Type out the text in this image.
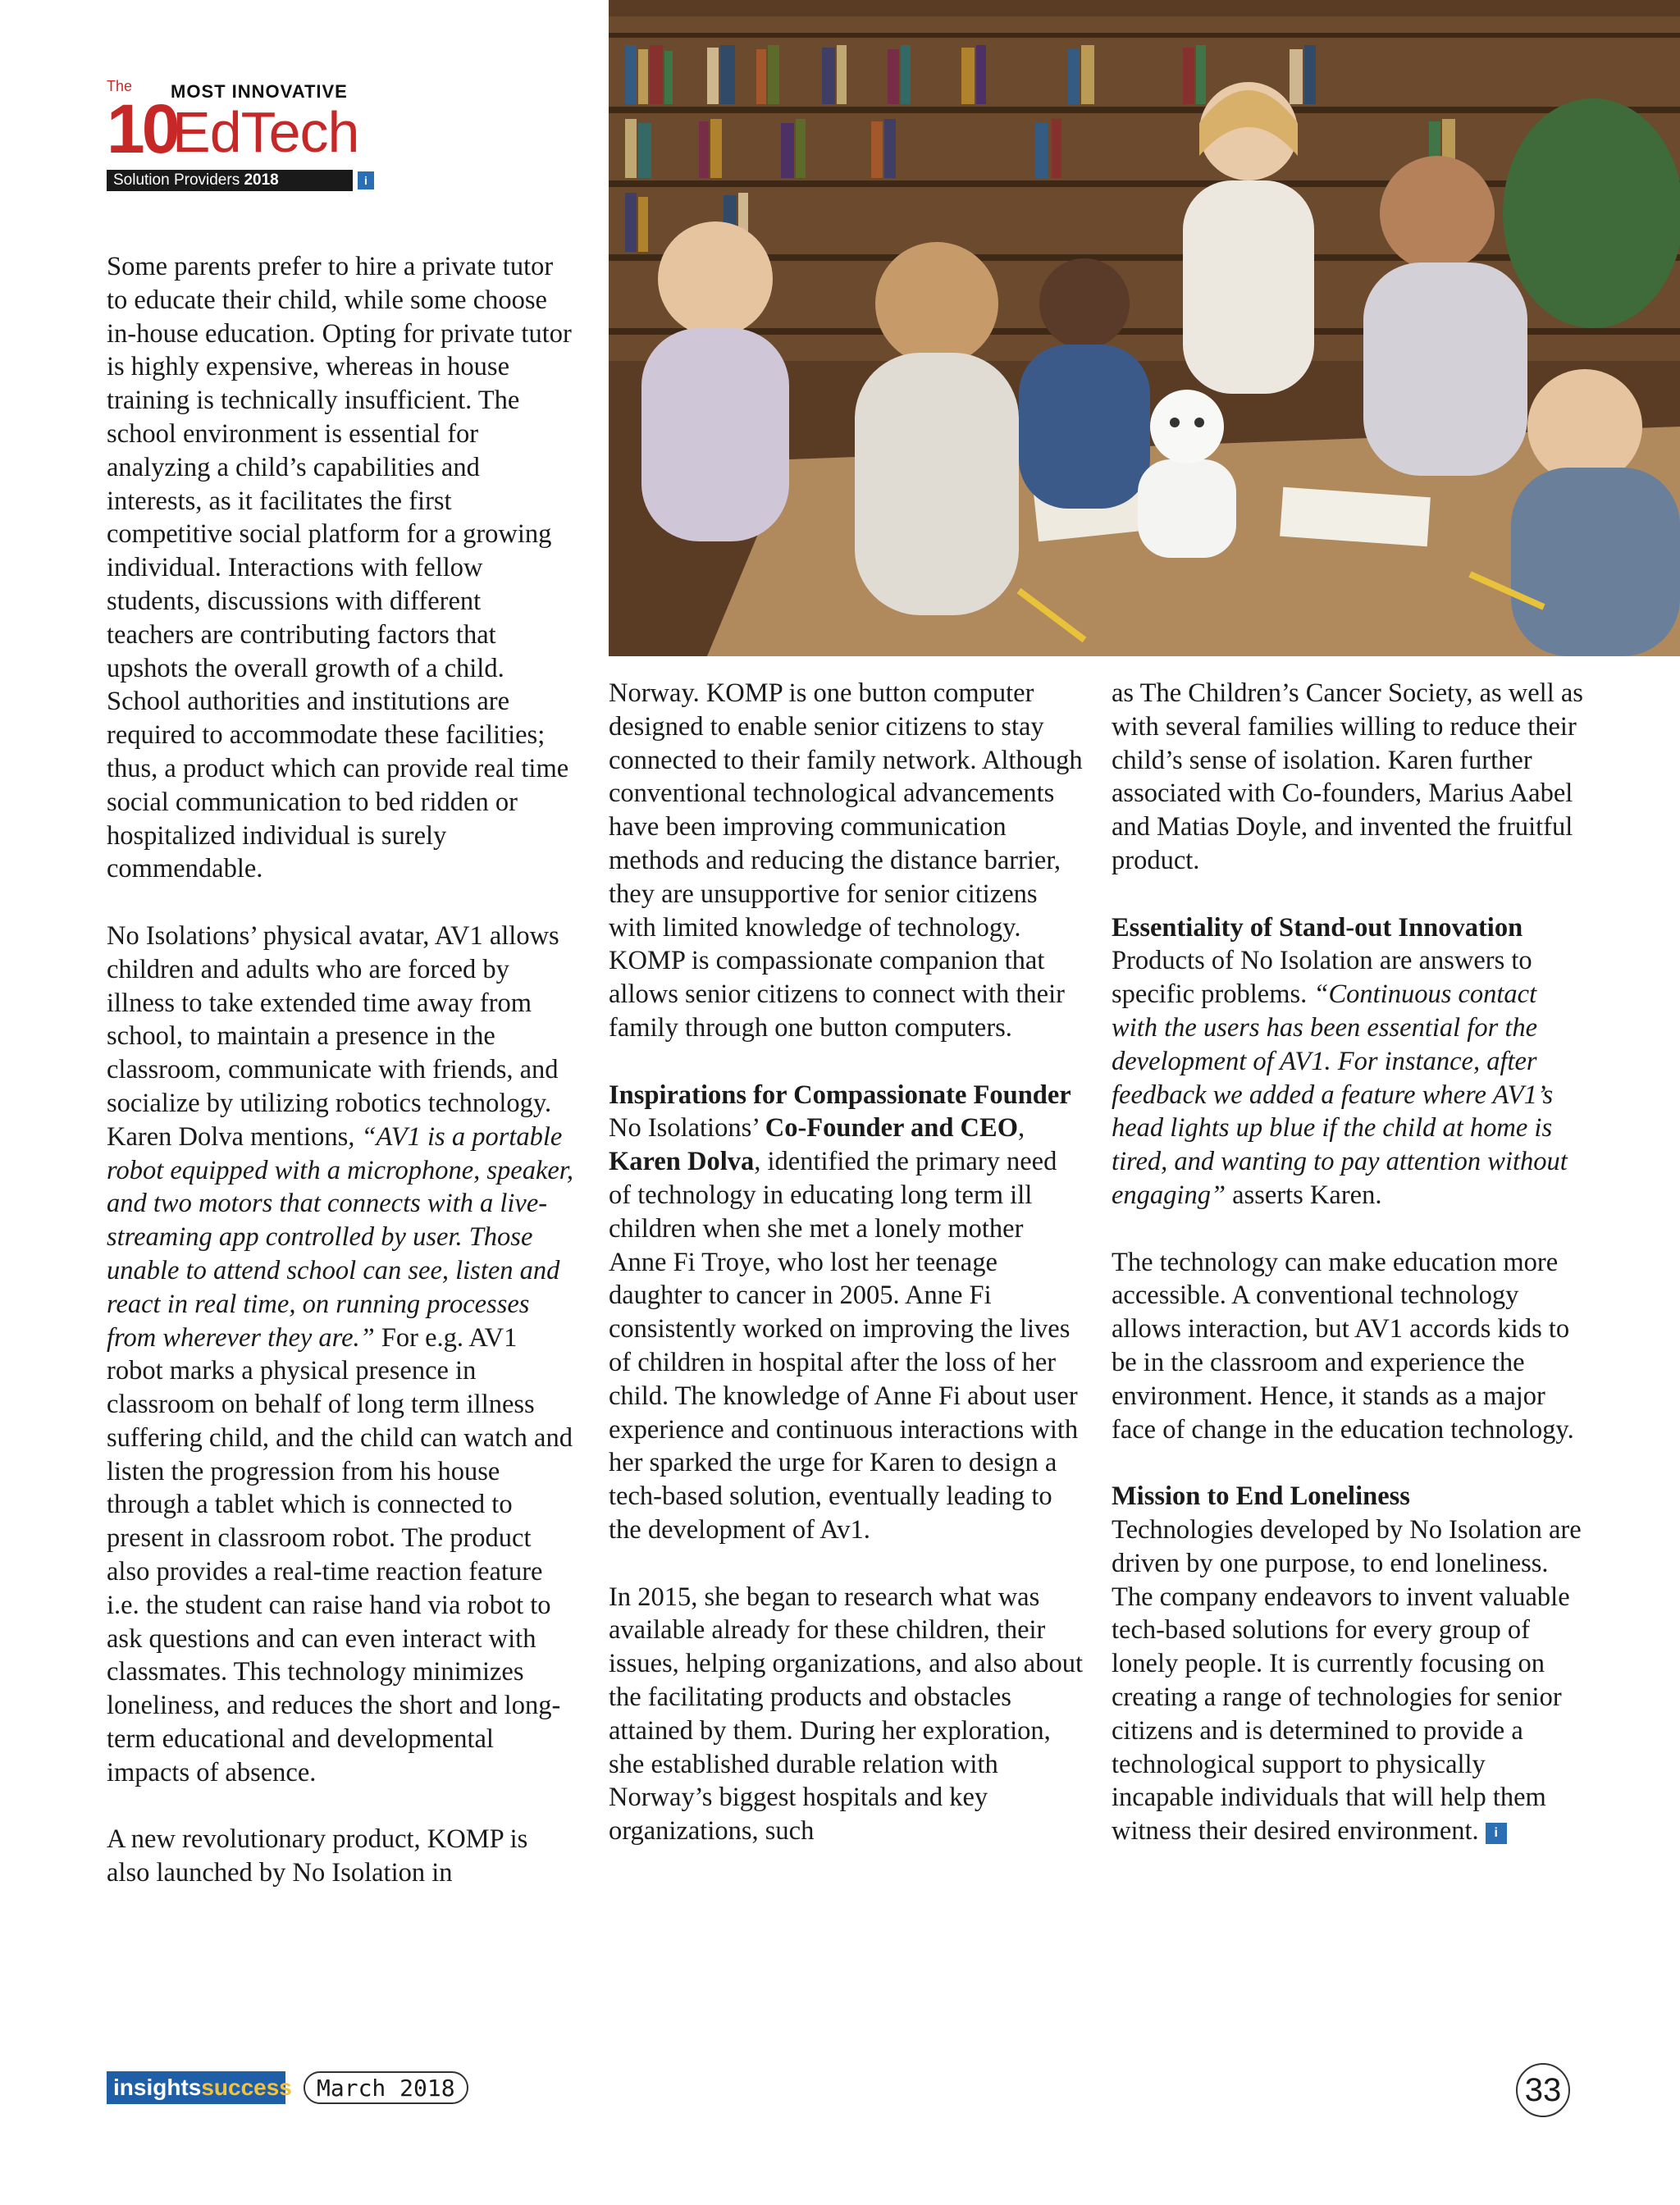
The MOST INNOVATIVE
10
EdTech
Solution Providers 2018	i

Some parents prefer to hire a private tutor to educate their child, while some choose in-house education. Opting for private tutor is highly expensive, whereas in house training is technically insufficient. The school environment is essential for analyzing a child’s capabilities and interests, as it facilitates the first competitive social platform for a growing individual. Interactions with fellow students, discussions with different teachers are contributing factors that upshots the overall growth of a child. School authorities and institutions are required to accommodate these facilities; thus, a product which can provide real time social communication to bed ridden or hospitalized individual is surely commendable.

No Isolations’ physical avatar, AV1 allows children and adults who are forced by illness to take extended time away from school, to maintain a presence in the classroom, communicate with friends, and socialize by utilizing robotics technology. Karen Dolva mentions, “AV1 is a portable robot equipped with a microphone, speaker, and two motors that connects with a live-streaming app controlled by user. Those unable to attend school can see, listen and react in real time, on running processes from wherever they are.” For e.g. AV1 robot marks a physical presence in classroom on behalf of long term illness suffering child, and the child can watch and listen the progression from his house through a tablet which is connected to present in classroom robot. The product also provides a real-time reaction feature i.e. the student can raise hand via robot to ask questions and can even interact with classmates. This technology minimizes loneliness, and reduces the short and long-term educational and developmental impacts of absence.

A new revolutionary product, KOMP is also launched by No Isolation in

Norway. KOMP is one button computer designed to enable senior citizens to stay connected to their family network. Although conventional technological advancements have been improving communication methods and reducing the distance barrier, they are unsupportive for senior citizens with limited knowledge of technology. KOMP is compassionate companion that allows senior citizens to connect with their family through one button computers.

Inspirations for Compassionate Founder

No Isolations’ Co-Founder and CEO, Karen Dolva, identified the primary need of technology in educating long term ill children when she met a lonely mother Anne Fi Troye, who lost her teenage daughter to cancer in 2005. Anne Fi consistently worked on improving the lives of children in hospital after the loss of her child. The knowledge of Anne Fi about user experience and continuous interactions with her sparked the urge for Karen to design a tech-based solution, eventually leading to the development of Av1.

In 2015, she began to research what was available already for these children, their issues, helping organizations, and also about the facilitating products and obstacles attained by them. During her exploration, she established durable relation with Norway’s biggest hospitals and key organizations, such

as The Children’s Cancer Society, as well as with several families willing to reduce their child’s sense of isolation. Karen further associated with Co-founders, Marius Aabel and Matias Doyle, and invented the fruitful product.

Essentiality of Stand-out Innovation

Products of No Isolation are answers to specific problems. “Continuous contact with the users has been essential for the development of AV1. For instance, after feedback we added a feature where AV1’s head lights up blue if the child at home is tired, and wanting to pay attention without engaging” asserts Karen.

The technology can make education more accessible. A conventional technology allows interaction, but AV1 accords kids to be in the classroom and experience the environment. Hence, it stands as a major face of change in the education technology.

Mission to End Loneliness

Technologies developed by No Isolation are driven by one purpose, to end loneliness. The company endeavors to invent valuable tech-based solutions for every group of lonely people. It is currently focusing on creating a range of technologies for senior citizens and is determined to provide a technological support to physically incapable individuals that will help them witness their desired environment. i

insightssuccess	March 2018	33
